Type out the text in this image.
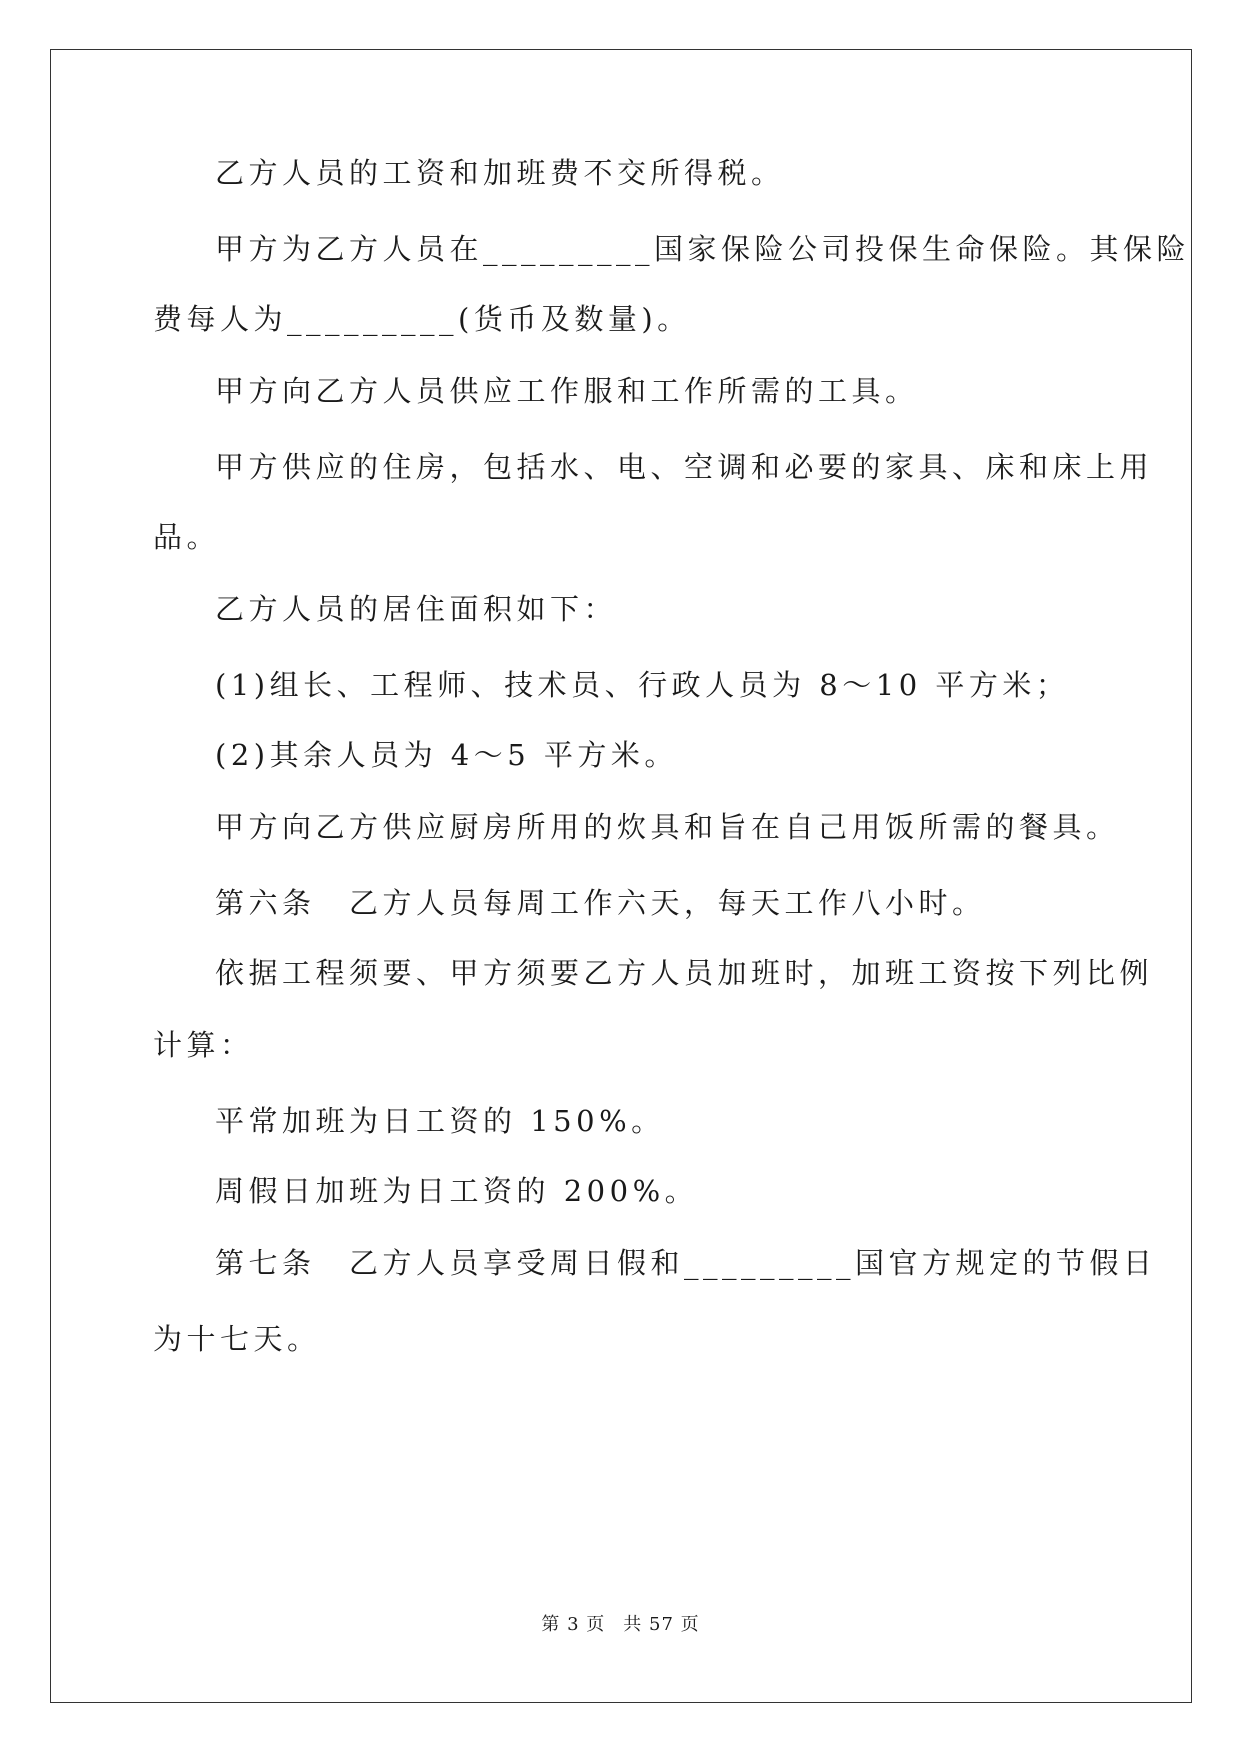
乙方人员的工资和加班费不交所得税。
甲方为乙方人员在_________国家保险公司投保生命保险。其保险
费每人为_________(货币及数量)。
甲方向乙方人员供应工作服和工作所需的工具。
甲方供应的住房，包括水、电、空调和必要的家具、床和床上用
品。
乙方人员的居住面积如下：
(1)组长、工程师、技术员、行政人员为 8～10 平方米；
(2)其余人员为 4～5 平方米。
甲方向乙方供应厨房所用的炊具和旨在自己用饭所需的餐具。
第六条　乙方人员每周工作六天，每天工作八小时。
依据工程须要、甲方须要乙方人员加班时，加班工资按下列比例
计算：
平常加班为日工资的 150%。
周假日加班为日工资的 200%。
第七条　乙方人员享受周日假和_________国官方规定的节假日
为十七天。
第 3 页 共 57 页
